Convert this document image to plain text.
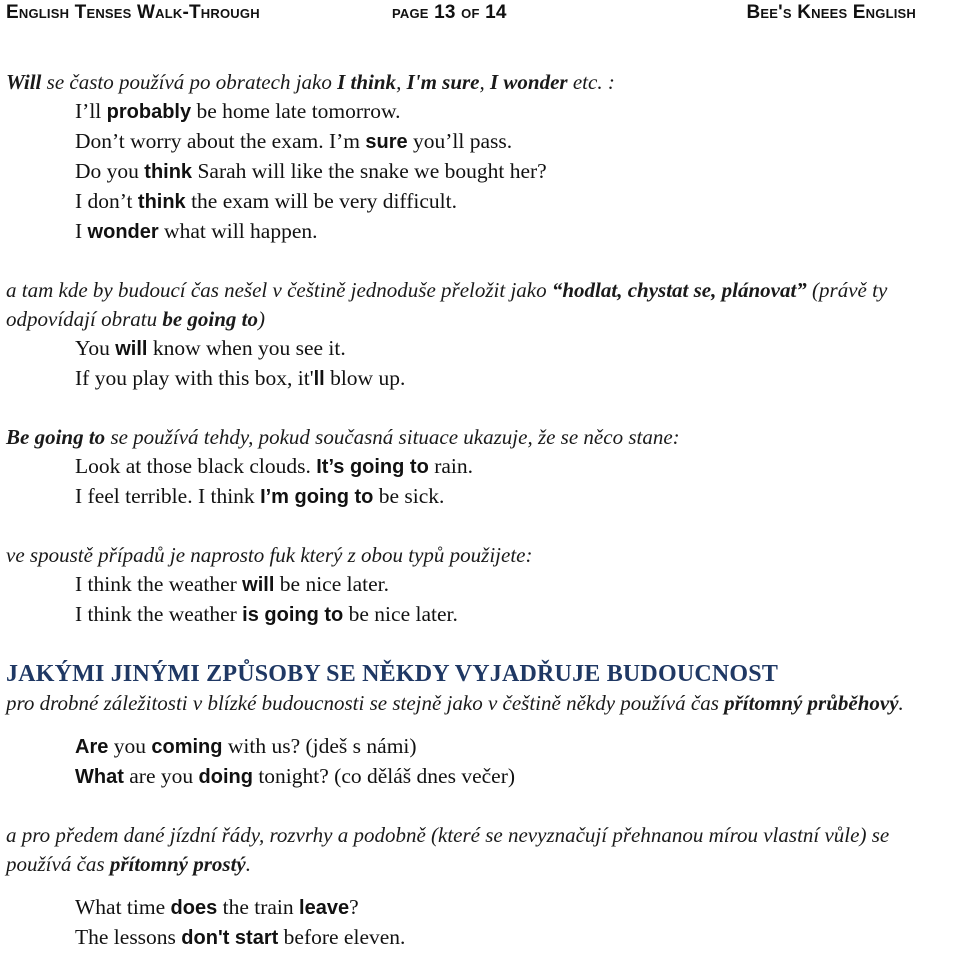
English Tenses Walk-Through	page 13 of 14	Bee's Knees English

Will se často používá po obratech jako I think, I'm sure, I wonder etc. :

I’ll probably be home late tomorrow.

Don’t worry about the exam. I’m sure you’ll pass.

Do you think Sarah will like the snake we bought her?

I don’t think the exam will be very difficult.

I wonder what will happen.

a tam kde by budoucí čas nešel v češtině jednoduše přeložit jako “hodlat, chystat se, plánovat” (právě ty

odpovídají obratu be going to)

You will know when you see it.

If you play with this box, it'll blow up.

Be going to se používá tehdy, pokud současná situace ukazuje, že se něco stane:

Look at those black clouds. It’s going to rain.

I feel terrible. I think I’m going to be sick.

ve spoustě případů je naprosto fuk který z obou typů použijete:

I think the weather will be nice later.

I think the weather is going to be nice later.

JAKÝMI JINÝMI ZPŮSOBY SE NĚKDY VYJADŘUJE BUDOUCNOST

pro drobné záležitosti v blízké budoucnosti se stejně jako v češtině někdy používá čas přítomný průběhový.

Are you coming with us? (jdeš s námi)

What are you doing tonight? (co děláš dnes večer)

a pro předem dané jízdní řády, rozvrhy a podobně (které se nevyznačují přehnanou mírou vlastní vůle) se používá čas přítomný prostý.

What time does the train leave?

The lessons don't start before eleven.
